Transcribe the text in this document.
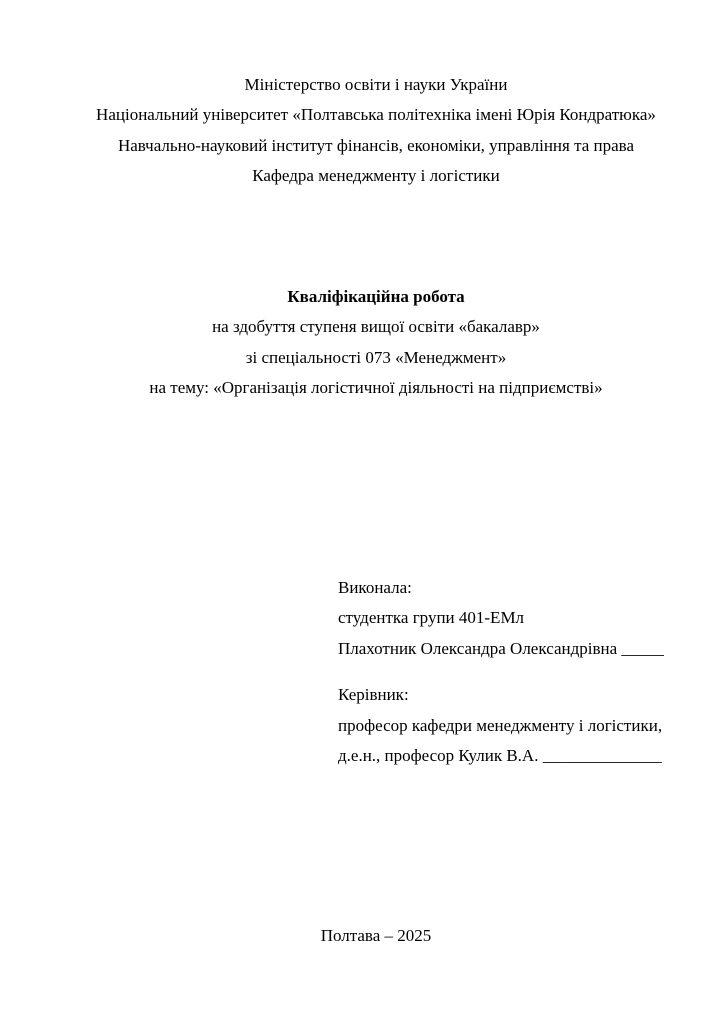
Міністерство освіти і науки України
Національний університет «Полтавська політехніка імені Юрія Кондратюка»
Навчально-науковий інститут фінансів, економіки, управління та права
Кафедра менеджменту і логістики
Кваліфікаційна робота
на здобуття ступеня вищої освіти «бакалавр»
зі спеціальності 073 «Менеджмент»
на тему: «Організація логістичної діяльності на підприємстві»
Виконала:
студентка групи 401-ЕМл
Плахотник Олександра Олександрівна _____
Керівник:
професор кафедри менеджменту і логістики,
д.е.н., професор Кулик В.А. ______________
Полтава – 2025
